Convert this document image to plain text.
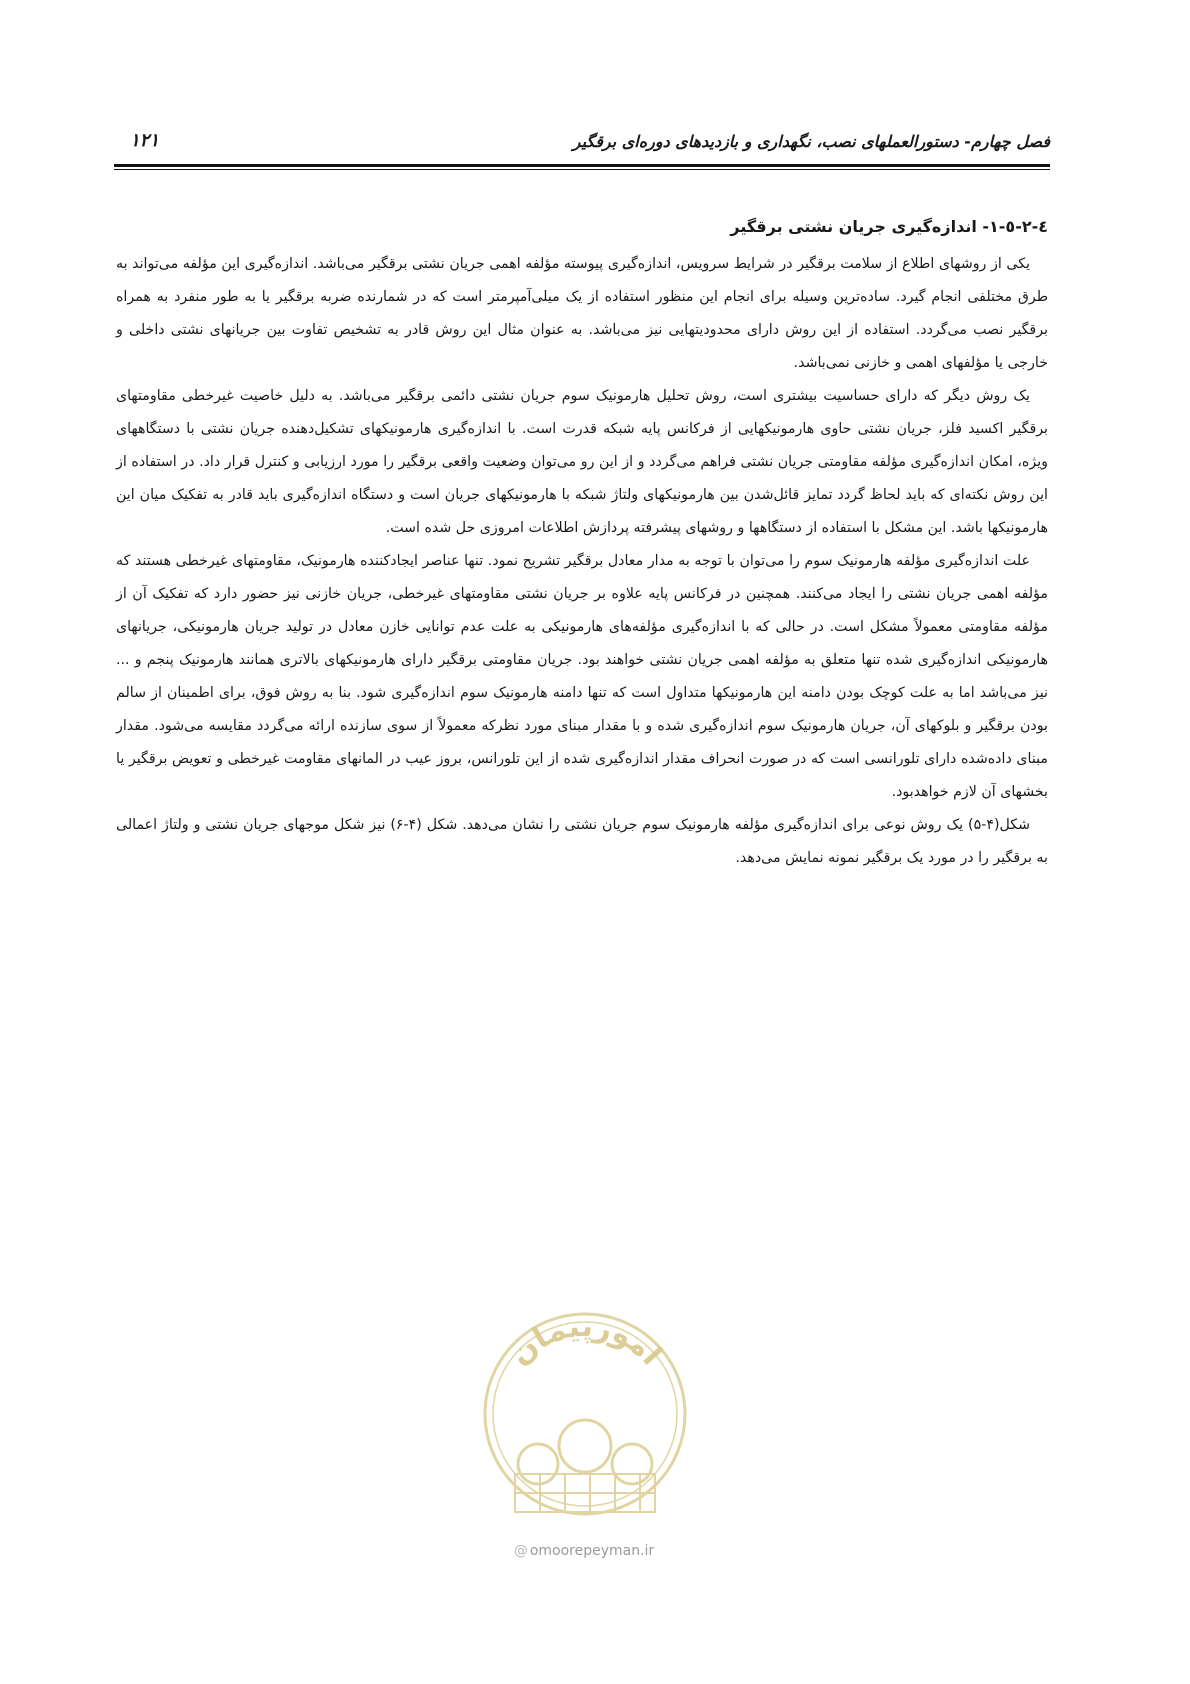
فصل چهارم- دستورالعملهای نصب، نگهداری و بازدیدهای دوره‌ای برقگیر
۱۲۱
٤-٢-٥-١- اندازه‌گیری جریان نشتی برقگیر

یکی از روشهای اطلاع از سلامت برقگیر در شرایط سرویس، اندازه‌گیری پیوسته مؤلفه اهمی جریان نشتی برقگیر می‌باشد. اندازه‌گیری این مؤلفه می‌تواند به طرق مختلفی انجام گیرد. ساده‌ترین وسیله برای انجام این منظور استفاده از یک میلی‌آمپرمتر است که در شمارنده ضربه برقگیر یا به طور منفرد به همراه برقگیر نصب می‌گردد. استفاده از این روش دارای محدودیتهایی نیز می‌باشد. به عنوان مثال این روش قادر به تشخیص تفاوت بین جریانهای نشتی داخلی و خارجی یا مؤلفهای اهمی و خازنی نمی‌باشد.

یک روش دیگر که دارای حساسیت بیشتری است، روش تحلیل هارمونیک سوم جریان نشتی دائمی برقگیر می‌باشد. به دلیل خاصیت غیرخطی مقاومتهای برقگیر اکسید فلز، جریان نشتی حاوی هارمونیکهایی از فرکانس پایه شبکه قدرت است. با اندازه‌گیری هارمونیکهای تشکیل‌دهنده جریان نشتی با دستگاههای ویژه، امکان اندازه‌گیری مؤلفه مقاومتی جریان نشتی فراهم می‌گردد و از این رو می‌توان وضعیت واقعی برقگیر را مورد ارزیابی و کنترل قرار داد. در استفاده از این روش نکته‌ای که باید لحاظ گردد تمایز قائل‌شدن بین هارمونیکهای ولتاژ شبکه با هارمونیکهای جریان است و دستگاه اندازه‌گیری باید قادر به تفکیک میان این هارمونیکها باشد. این مشکل با استفاده از دستگاهها و روشهای پیشرفته پردازش اطلاعات امروزی حل شده است.

علت اندازه‌گیری مؤلفه هارمونیک سوم را می‌توان با توجه به مدار معادل برقگیر تشریح نمود. تنها عناصر ایجادکننده هارمونیک، مقاومتهای غیرخطی هستند که مؤلفه اهمی جریان نشتی را ایجاد می‌کنند. همچنین در فرکانس پایه علاوه بر جریان نشتی مقاومتهای غیرخطی، جریان خازنی نیز حضور دارد که تفکیک آن از مؤلفه مقاومتی معمولاً مشکل است. در حالی که با اندازه‌گیری مؤلفه‌های هارمونیکی به علت عدم توانایی خازن معادل در تولید جریان هارمونیکی، جریانهای هارمونیکی اندازه‌گیری شده تنها متعلق به مؤلفه اهمی جریان نشتی خواهند بود. جریان مقاومتی برقگیر دارای هارمونیکهای بالاتری همانند هارمونیک پنجم و ... نیز می‌باشد اما به علت کوچک بودن دامنه این هارمونیکها متداول است که تنها دامنه هارمونیک سوم اندازه‌گیری شود. بنا به روش فوق، برای اطمینان از سالم بودن برقگیر و بلوکهای آن، جریان هارمونیک سوم اندازه‌گیری شده و با مقدار مبنای مورد نظرکه معمولاً از سوی سازنده ارائه می‌گردد مقایسه می‌شود. مقدار مبنای داده‌شده دارای تلورانسی است که در صورت انحراف مقدار اندازه‌گیری شده از این تلورانس، بروز عیب در المانهای مقاومت غیرخطی و تعویض برقگیر یا بخشهای آن لازم خواهدبود.

شکل(۴-۵) یک روش نوعی برای اندازه‌گیری مؤلفه هارمونیک سوم جریان نشتی را نشان می‌دهد. شکل (۴-۶) نیز شکل موجهای جریان نشتی و ولتاژ اعمالی به برقگیر را در مورد یک برقگیر نمونه نمایش می‌دهد.

امورپیمان
@ omoorepeyman.ir
